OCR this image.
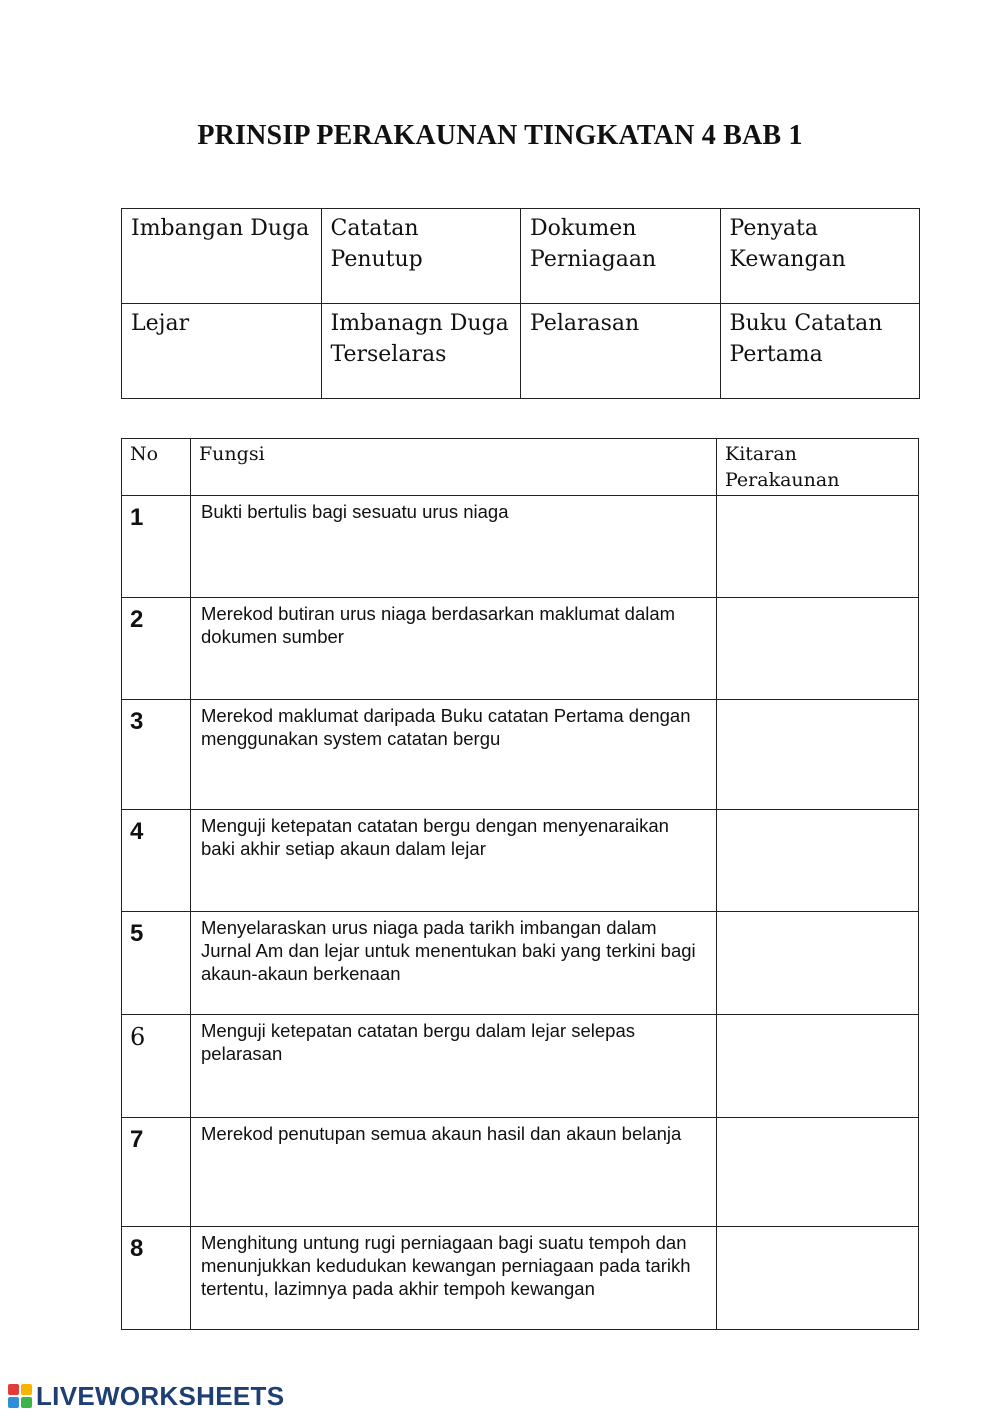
PRINSIP PERAKAUNAN TINGKATAN 4 BAB 1
Imbangan Duga	Catatan Penutup	Dokumen Perniagaan	Penyata Kewangan
Lejar	Imbanagn Duga Terselaras	Pelarasan	Buku Catatan Pertama
No	Fungsi	Kitaran Perakaunan
1	Bukti bertulis bagi sesuatu urus niaga	
2	Merekod butiran urus niaga berdasarkan maklumat dalam dokumen sumber	
3	Merekod maklumat daripada Buku catatan Pertama dengan menggunakan system catatan bergu	
4	Menguji ketepatan catatan bergu dengan menyenaraikan baki akhir setiap akaun dalam lejar	
5	Menyelaraskan urus niaga pada tarikh imbangan dalam Jurnal Am dan lejar untuk menentukan baki yang terkini bagi akaun-akaun berkenaan	
6	Menguji ketepatan catatan bergu dalam lejar selepas pelarasan	
7	Merekod penutupan semua akaun hasil dan akaun belanja	
8	Menghitung untung rugi perniagaan bagi suatu tempoh dan menunjukkan kedudukan kewangan perniagaan pada tarikh tertentu, lazimnya pada akhir tempoh kewangan	
LIVEWORKSHEETS
